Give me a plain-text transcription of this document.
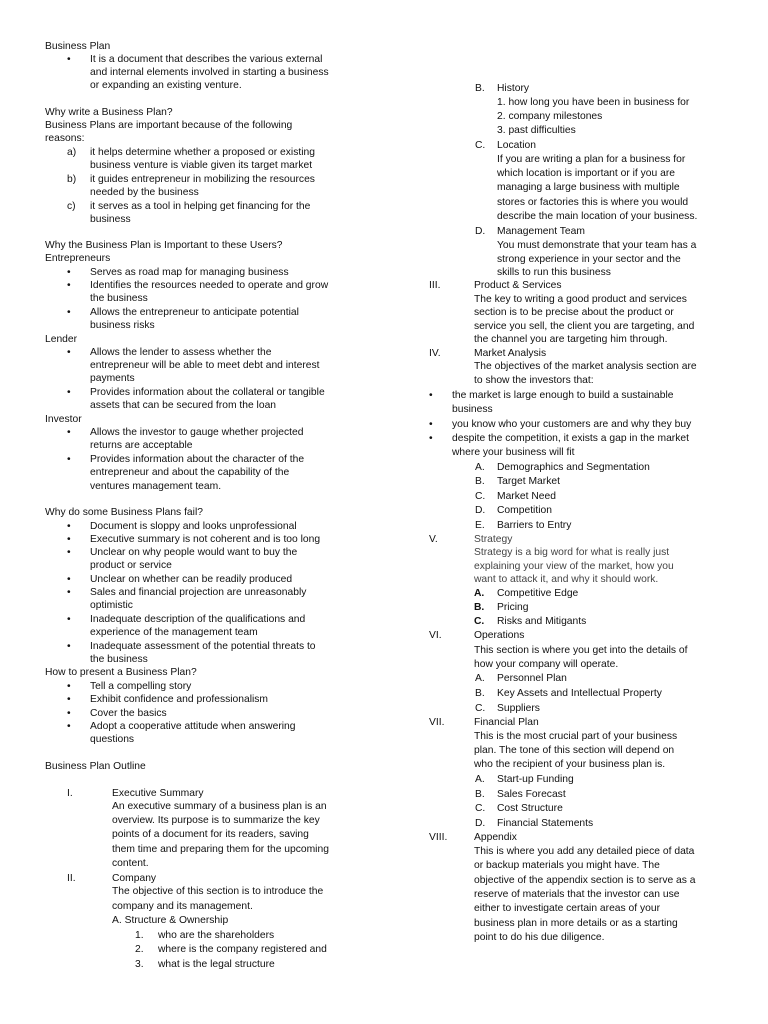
Business Plan
• It is a document that describes the various external
and internal elements involved in starting a business
or expanding an existing venture.
Why write a Business Plan?
Business Plans are important because of the following
reasons:
a) it helps determine whether a proposed or existing
business venture is viable given its target market
b) it guides entrepreneur in mobilizing the resources
needed by the business
c) it serves as a tool in helping get financing for the
business
Why the Business Plan is Important to these Users?
Entrepreneurs
• Serves as road map for managing business
• Identifies the resources needed to operate and grow
the business
• Allows the entrepreneur to anticipate potential
business risks
Lender
• Allows the lender to assess whether the
entrepreneur will be able to meet debt and interest
payments
• Provides information about the collateral or tangible
assets that can be secured from the loan
Investor
• Allows the investor to gauge whether projected
returns are acceptable
• Provides information about the character of the
entrepreneur and about the capability of the
ventures management team.
Why do some Business Plans fail?
• Document is sloppy and looks unprofessional
• Executive summary is not coherent and is too long
• Unclear on why people would want to buy the
product or service
• Unclear on whether can be readily produced
• Sales and financial projection are unreasonably
optimistic
• Inadequate description of the qualifications and
experience of the management team
• Inadequate assessment of the potential threats to
the business
How to present a Business Plan?
• Tell a compelling story
• Exhibit confidence and professionalism
• Cover the basics
• Adopt a cooperative attitude when answering
questions
Business Plan Outline
I.	Executive Summary
An executive summary of a business plan is an
overview. Its purpose is to summarize the key
points of a document for its readers, saving
them time and preparing them for the upcoming
content.
II.	Company
The objective of this section is to introduce the
company and its management.
A. Structure & Ownership
1. who are the shareholders
2. where is the company registered and
3. what is the legal structure
B. History
1. how long you have been in business for
2. company milestones
3. past difficulties
C. Location
If you are writing a plan for a business for
which location is important or if you are
managing a large business with multiple
stores or factories this is where you would
describe the main location of your business.
D. Management Team
You must demonstrate that your team has a
strong experience in your sector and the
skills to run this business
III.	Product & Services
The key to writing a good product and services
section is to be precise about the product or
service you sell, the client you are targeting, and
the channel you are targeting him through.
IV.	Market Analysis
The objectives of the market analysis section are
to show the investors that:
• the market is large enough to build a sustainable
business
• you know who your customers are and why they buy
• despite the competition, it exists a gap in the market
where your business will fit
A. Demographics and Segmentation
B. Target Market
C. Market Need
D. Competition
E. Barriers to Entry
V.	Strategy
Strategy is a big word for what is really just
explaining your view of the market, how you
want to attack it, and why it should work.
A. Competitive Edge
B. Pricing
C. Risks and Mitigants
VI.	Operations
This section is where you get into the details of
how your company will operate.
A. Personnel Plan
B. Key Assets and Intellectual Property
C. Suppliers
VII.	Financial Plan
This is the most crucial part of your business
plan. The tone of this section will depend on
who the recipient of your business plan is.
A. Start-up Funding
B. Sales Forecast
C. Cost Structure
D. Financial Statements
VIII.	Appendix
This is where you add any detailed piece of data
or backup materials you might have. The
objective of the appendix section is to serve as a
reserve of materials that the investor can use
either to investigate certain areas of your
business plan in more details or as a starting
point to do his due diligence.
